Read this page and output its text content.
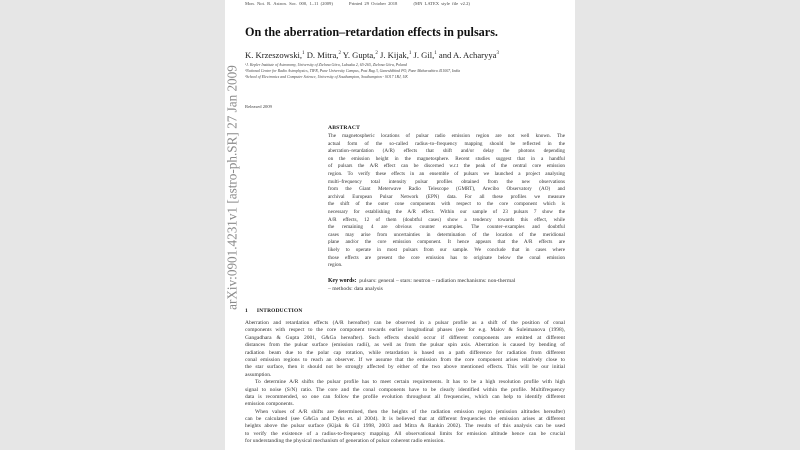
Mon. Not. R. Astron. Soc. 000, 1–11 (2009)	Printed 29 October 2018	(MN LATEX style file v2.2)
arXiv:0901.4231v1 [astro-ph.SR] 27 Jan 2009
On the aberration–retardation effects in pulsars.
K. Krzeszowski,$^1$ D. Mitra,$^2$ Y. Gupta,$^2$ J. Kijak,$^1$ J. Gil,$^1$ and A. Acharyya$^3$
¹J. Kepler Institute of Astronomy, University of Zielona Góra, Lubuska 2, 65-265, Zielona Góra, Poland
²National Centre for Radio Astrophysics, TIFR, Pune University Campus, Post Bag 3, Ganeshkhind PO, Pune Maharashtra 411007, India
³School of Electronics and Computer Science, University of Southampton, Southampton - SO17 1BJ, UK
Released 2009
ABSTRACT
The magnetospheric locations of pulsar radio emission region are not well known. The
actual form of the so-called radius–to–frequency mapping should be reflected in the
aberration–retardation (A/R) effects that shift and/or delay the photons depending
on the emission height in the magnetosphere. Recent studies suggest that in a handful
of pulsars the A/R effect can be discerned w.r.t the peak of the central core emission
region. To verify these effects in an ensemble of pulsars we launched a project analysing
multi–frequency total intensity pulsar profiles obtained from the new observations
from the Giant Meterwave Radio Telescope (GMRT), Arecibo Observatory (AO) and
archival European Pulsar Network (EPN) data. For all these profiles we measure
the shift of the outer cone components with respect to the core component which is
necessary for establishing the A/R effect. Within our sample of 23 pulsars 7 show the
A/R effects, 12 of them (doubtful cases) show a tendency towards this effect, while
the remaining 4 are obvious counter examples. The counter–examples and doubtful
cases may arise from uncertainties in determination of the location of the meridional
plane and/or the core emission component. It hence appears that the A/R effects are
likely to operate in most pulsars from our sample. We conclude that in cases where
those effects are present the core emission has to originate below the conal emission
region.
Key words: pulsars: general – stars: neutron – radiation mechanisms: non-thermal
– methods: data analysis
1 INTRODUCTION
Aberration and retardation effects (A/R hereafter) can be observed in a pulsar profile as a shift of the position of conal
components with respect to the core component towards earlier longitudinal phases (see for e.g. Malov & Suleimanova (1998),
Gangadhara & Gupta 2001, G&Ga hereafter). Such effects should occur if different components are emitted at different
distances from the pulsar surface (emission radii), as well as from the pulsar spin axis. Aberration is caused by bending of
radiation beam due to the polar cap rotation, while retardation is based on a path difference for radiation from different
conal emission regions to reach an observer. If we assume that the emission from the core component arises relatively close to
the star surface, then it should not be strongly affected by either of the two above mentioned effects. This will be our initial
assumption.
To determine A/R shifts the pulsar profile has to meet certain requirements. It has to be a high resolution profile with high
signal to noise (S/N) ratio. The core and the conal components have to be clearly identified within the profile. Multifrequency
data is recommended, so one can follow the profile evolution throughout all frequencies, which can help to identify different
emission components.
When values of A/R shifts are determined, then the heights of the radiation emission region (emission altitudes hereafter)
can be calculated (see G&Ga and Dyks et. al 2004). It is believed that at different frequencies the emission arises at different
heights above the pulsar surface (Kijak & Gil 1998, 2003 and Mitra & Rankin 2002). The results of this analysis can be used
to verify the existence of a radius-to-frequency mapping. All observational limits for emission altitude hence can be crucial
for understanding the physical mechanism of generation of pulsar coherent radio emission.
